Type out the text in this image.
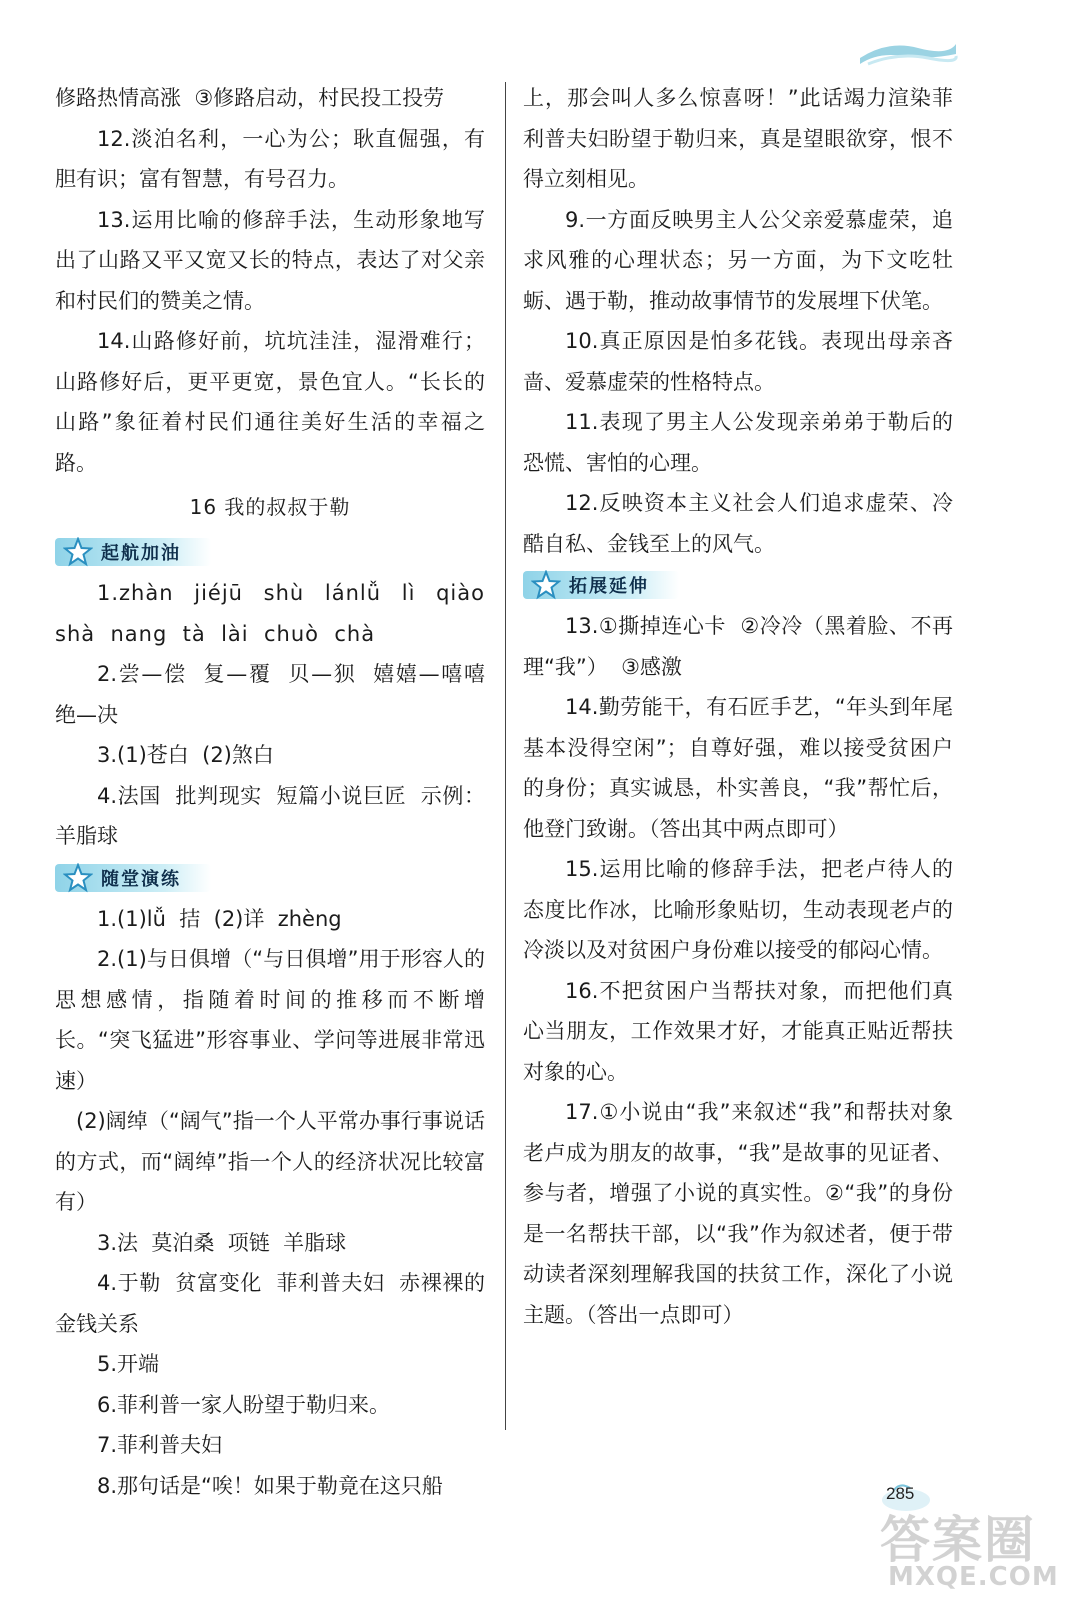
修路热情高涨  ③修路启动，村民投工投劳

12.淡泊名利，一心为公；耿直倔强，有胆有识；富有智慧，有号召力。

13.运用比喻的修辞手法，生动形象地写出了山路又平又宽又长的特点，表达了对父亲和村民们的赞美之情。

14.山路修好前，坑坑洼洼，湿滑难行；山路修好后，更平更宽，景色宜人。“长长的山路”象征着村民们通往美好生活的幸福之路。

16 我的叔叔于勒

起航加油

1.zhàn  jiéjū  shù  lánlǚ  lì  qiào  shà  nang  tà  lài  chuò  chà

2.尝—偿  复—覆  贝—狈  嬉嬉—嘻嘻  绝—决

3.(1)苍白  (2)煞白

4.法国  批判现实  短篇小说巨匠  示例：羊脂球

随堂演练

1.(1)lǚ  拮  (2)详  zhèng

2.(1)与日俱增（“与日俱增”用于形容人的思想感情，指随着时间的推移而不断增长。“突飞猛进”形容事业、学问等进展非常迅速）

(2)阔绰（“阔气”指一个人平常办事行事说话的方式，而“阔绰”指一个人的经济状况比较富有）

3.法  莫泊桑  项链  羊脂球

4.于勒  贫富变化  菲利普夫妇  赤裸裸的金钱关系

5.开端

6.菲利普一家人盼望于勒归来。

7.菲利普夫妇

8.那句话是“唉！如果于勒竟在这只船

上，那会叫人多么惊喜呀！”此话竭力渲染菲利普夫妇盼望于勒归来，真是望眼欲穿，恨不得立刻相见。

9.一方面反映男主人公父亲爱慕虚荣，追求风雅的心理状态；另一方面，为下文吃牡蛎、遇于勒，推动故事情节的发展埋下伏笔。

10.真正原因是怕多花钱。表现出母亲吝啬、爱慕虚荣的性格特点。

11.表现了男主人公发现亲弟弟于勒后的恐慌、害怕的心理。

12.反映资本主义社会人们追求虚荣、冷酷自私、金钱至上的风气。

拓展延伸

13.①撕掉连心卡  ②冷冷（黑着脸、不再理“我”）  ③感激

14.勤劳能干，有石匠手艺，“年头到年尾基本没得空闲”；自尊好强，难以接受贫困户的身份；真实诚恳，朴实善良，“我”帮忙后，他登门致谢。（答出其中两点即可）

15.运用比喻的修辞手法，把老卢待人的态度比作冰，比喻形象贴切，生动表现老卢的冷淡以及对贫困户身份难以接受的郁闷心情。

16.不把贫困户当帮扶对象，而把他们真心当朋友，工作效果才好，才能真正贴近帮扶对象的心。

17.①小说由“我”来叙述“我”和帮扶对象老卢成为朋友的故事，“我”是故事的见证者、参与者，增强了小说的真实性。②“我”的身份是一名帮扶干部，以“我”作为叙述者，便于带动读者深刻理解我国的扶贫工作，深化了小说主题。（答出一点即可）

285
答案圈
MXQE.COM
